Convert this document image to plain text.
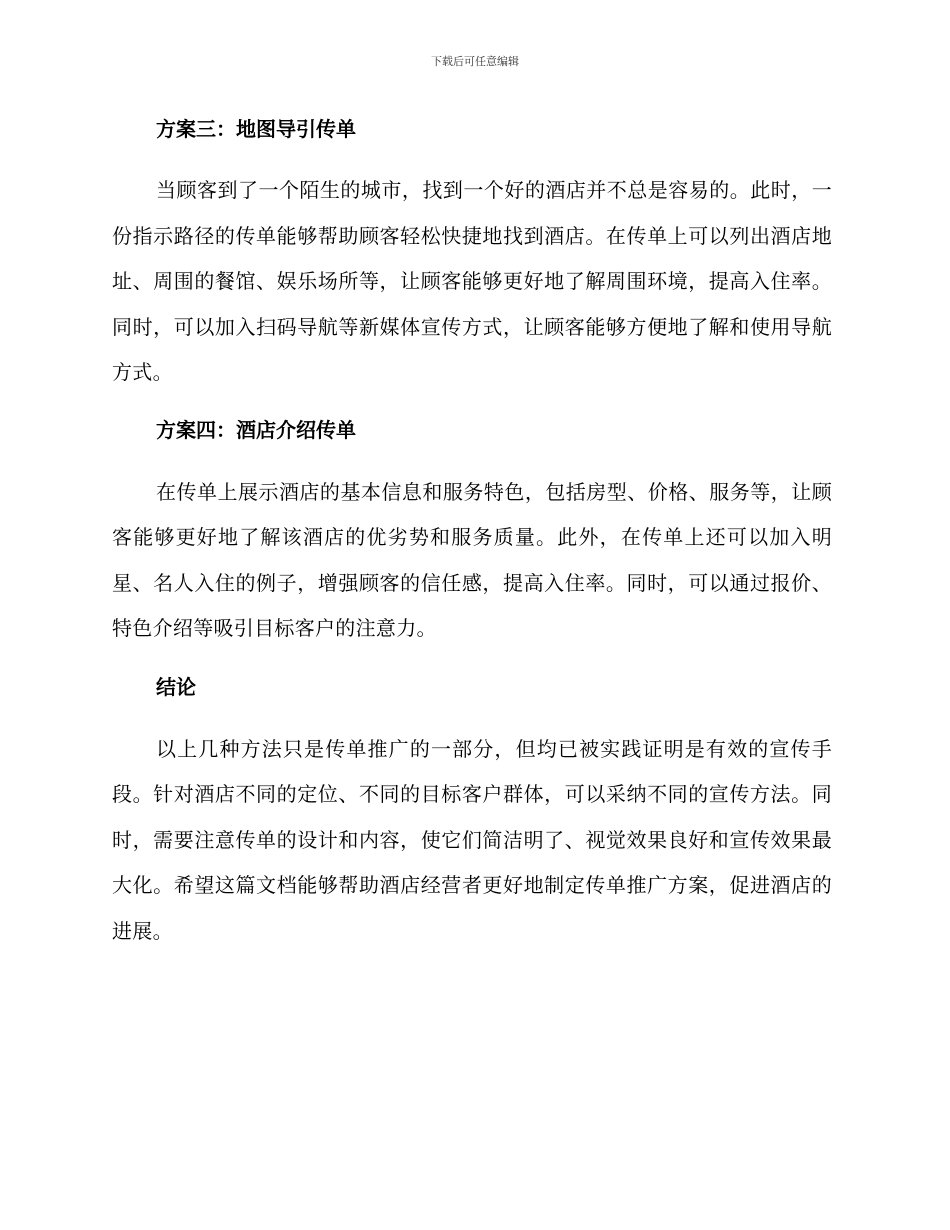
下载后可任意编辑
方案三：地图导引传单

当顾客到了一个陌生的城市，找到一个好的酒店并不总是容易的。此时，一份指示路径的传单能够帮助顾客轻松快捷地找到酒店。在传单上可以列出酒店地址、周围的餐馆、娱乐场所等，让顾客能够更好地了解周围环境，提高入住率。同时，可以加入扫码导航等新媒体宣传方式，让顾客能够方便地了解和使用导航方式。

方案四：酒店介绍传单

在传单上展示酒店的基本信息和服务特色，包括房型、价格、服务等，让顾客能够更好地了解该酒店的优劣势和服务质量。此外，在传单上还可以加入明星、名人入住的例子，增强顾客的信任感，提高入住率。同时，可以通过报价、特色介绍等吸引目标客户的注意力。

结论

以上几种方法只是传单推广的一部分，但均已被实践证明是有效的宣传手段。针对酒店不同的定位、不同的目标客户群体，可以采纳不同的宣传方法。同时，需要注意传单的设计和内容，使它们简洁明了、视觉效果良好和宣传效果最大化。希望这篇文档能够帮助酒店经营者更好地制定传单推广方案，促进酒店的进展。
